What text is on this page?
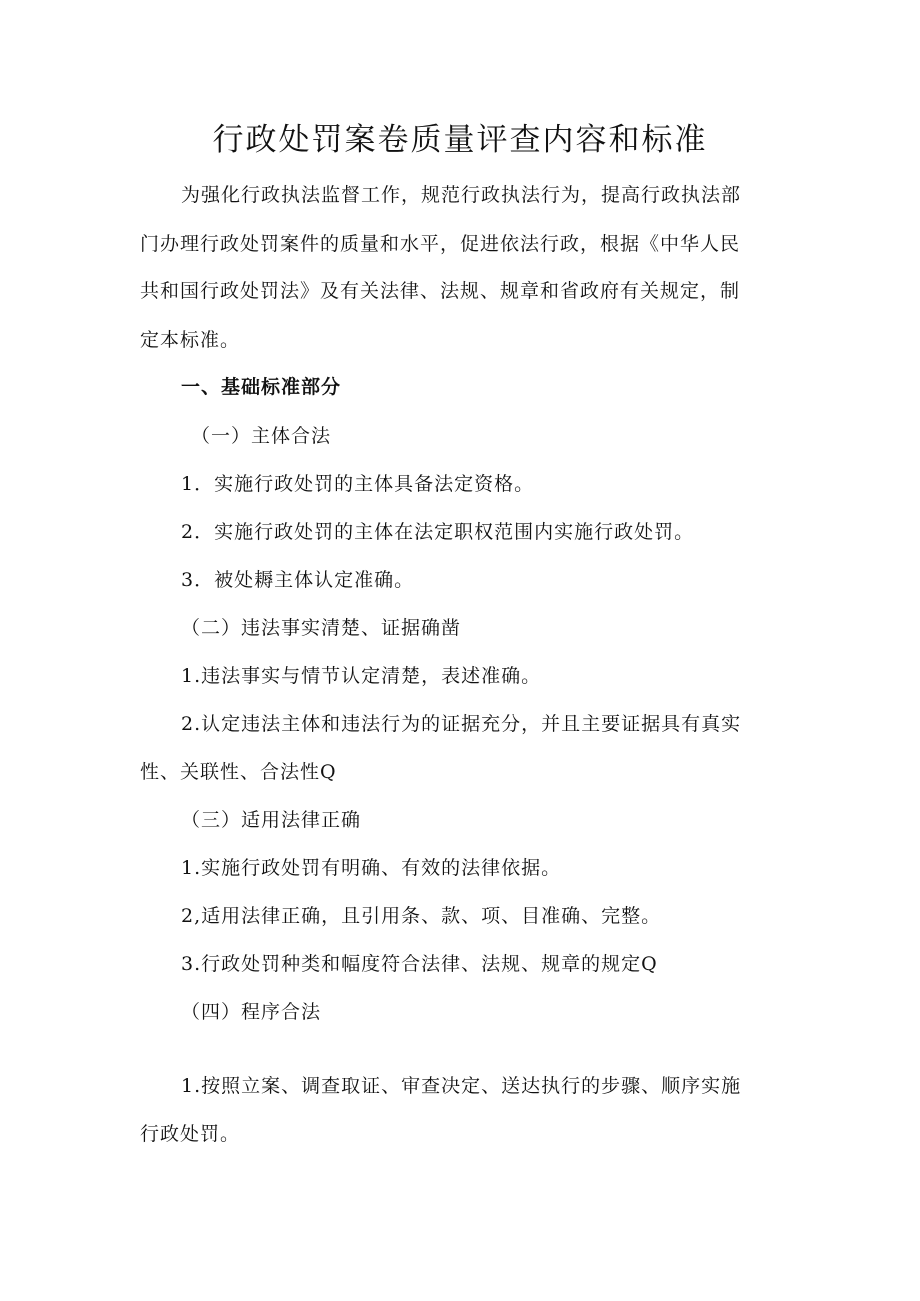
行政处罚案卷质量评查内容和标准

为强化行政执法监督工作，规范行政执法行为，提高行政执法部

门办理行政处罚案件的质量和水平，促进依法行政，根据《中华人民

共和国行政处罚法》及有关法律、法规、规章和省政府有关规定，制

定本标准。

一、基础标准部分

（一）主体合法

1．实施行政处罚的主体具备法定资格。

2．实施行政处罚的主体在法定职权范围内实施行政处罚。

3．被处耨主体认定准确。

（二）违法事实清楚、证据确凿

1.违法事实与情节认定清楚，表述准确。

2.认定违法主体和违法行为的证据充分，并且主要证据具有真实

性、关联性、合法性Q

（三）适用法律正确

1.实施行政处罚有明确、有效的法律依据。

2,适用法律正确，且引用条、款、项、目准确、完整。

3.行政处罚种类和幅度符合法律、法规、规章的规定Q

（四）程序合法

1.按照立案、调查取证、审查决定、送达执行的步骤、顺序实施

行政处罚。
